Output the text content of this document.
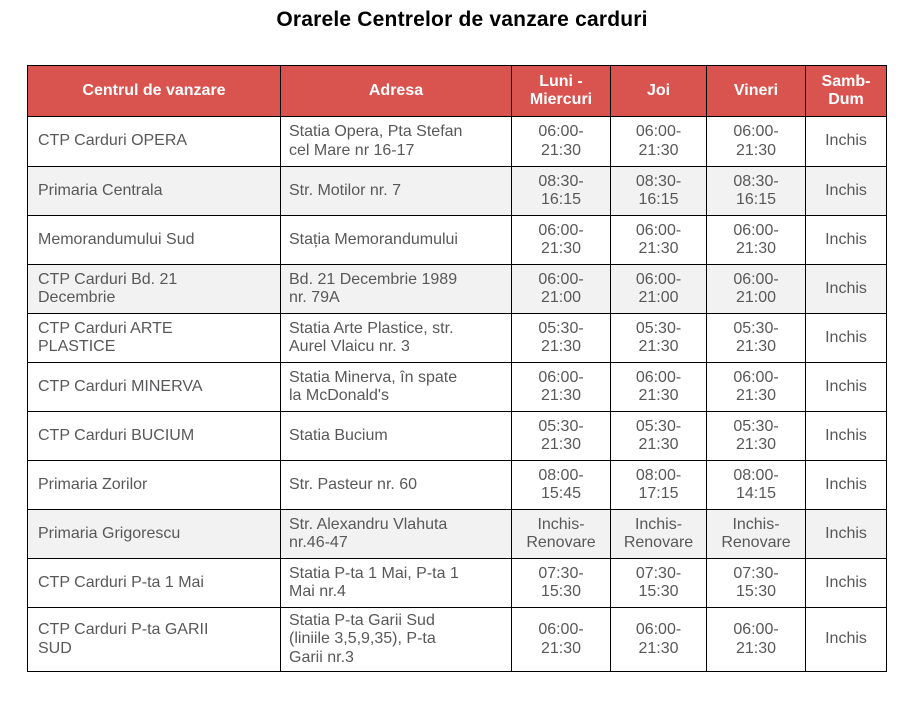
Orarele Centrelor de vanzare carduri
Centrul de vanzare	Adresa	Luni - Miercuri	Joi	Vineri	Samb-Dum
CTP Carduri OPERA	Statia Opera, Pta Stefan cel Mare nr 16-17	06:00-21:30	06:00-21:30	06:00-21:30	Inchis
Primaria Centrala	Str. Motilor nr. 7	08:30-16:15	08:30-16:15	08:30-16:15	Inchis
Memorandumului Sud	Stația Memorandumului	06:00-21:30	06:00-21:30	06:00-21:30	Inchis
CTP Carduri Bd. 21 Decembrie	Bd. 21 Decembrie 1989 nr. 79A	06:00-21:00	06:00-21:00	06:00-21:00	Inchis
CTP Carduri ARTE PLASTICE	Statia Arte Plastice, str. Aurel Vlaicu nr. 3	05:30-21:30	05:30-21:30	05:30-21:30	Inchis
CTP Carduri MINERVA	Statia Minerva, în spate la McDonald's	06:00-21:30	06:00-21:30	06:00-21:30	Inchis
CTP Carduri BUCIUM	Statia Bucium	05:30-21:30	05:30-21:30	05:30-21:30	Inchis
Primaria Zorilor	Str. Pasteur nr. 60	08:00-15:45	08:00-17:15	08:00-14:15	Inchis
Primaria Grigorescu	Str. Alexandru Vlahuta nr.46-47	Inchis-Renovare	Inchis-Renovare	Inchis-Renovare	Inchis
CTP Carduri P-ta 1 Mai	Statia P-ta 1 Mai, P-ta 1 Mai nr.4	07:30-15:30	07:30-15:30	07:30-15:30	Inchis
CTP Carduri P-ta GARII SUD	Statia P-ta Garii Sud (liniile 3,5,9,35), P-ta Garii nr.3	06:00-21:30	06:00-21:30	06:00-21:30	Inchis
